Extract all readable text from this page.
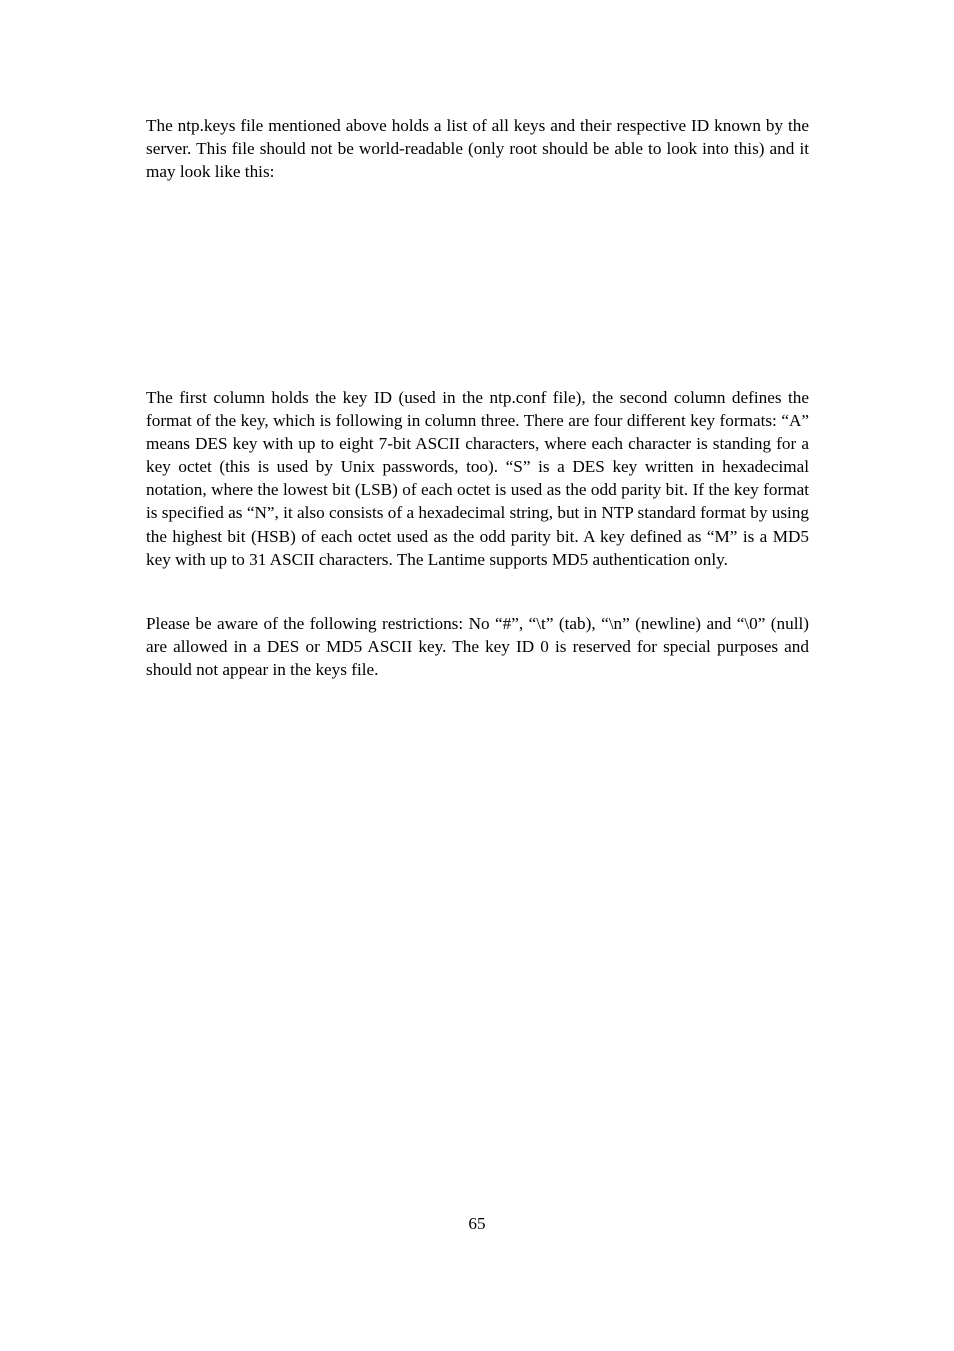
The ntp.keys file mentioned above holds a list of all keys and their respective ID known by the server. This file should not be world-readable (only root should be able to look into this) and it may look like this:

The first column holds the key ID (used in the ntp.conf file), the second column defines the format of the key, which is following in column three. There are four different key formats: “A” means DES key with up to eight 7-bit ASCII characters, where each character is standing for a key octet (this is used by Unix passwords, too). “S” is a DES key written in hexadecimal notation, where the lowest bit (LSB) of each octet is used as the odd parity bit. If the key format is specified as “N”, it also consists of a hexadecimal string, but in NTP standard format by using the highest bit (HSB) of each octet used as the odd parity bit. A key defined as “M” is a MD5 key with up to 31 ASCII characters. The Lantime supports MD5 authentication only.

Please be aware of the following restrictions: No “#”, “\t” (tab), “\n” (newline) and “\0” (null) are allowed in a DES or MD5 ASCII key. The key ID 0 is reserved for special purposes and should not appear in the keys file.

65
